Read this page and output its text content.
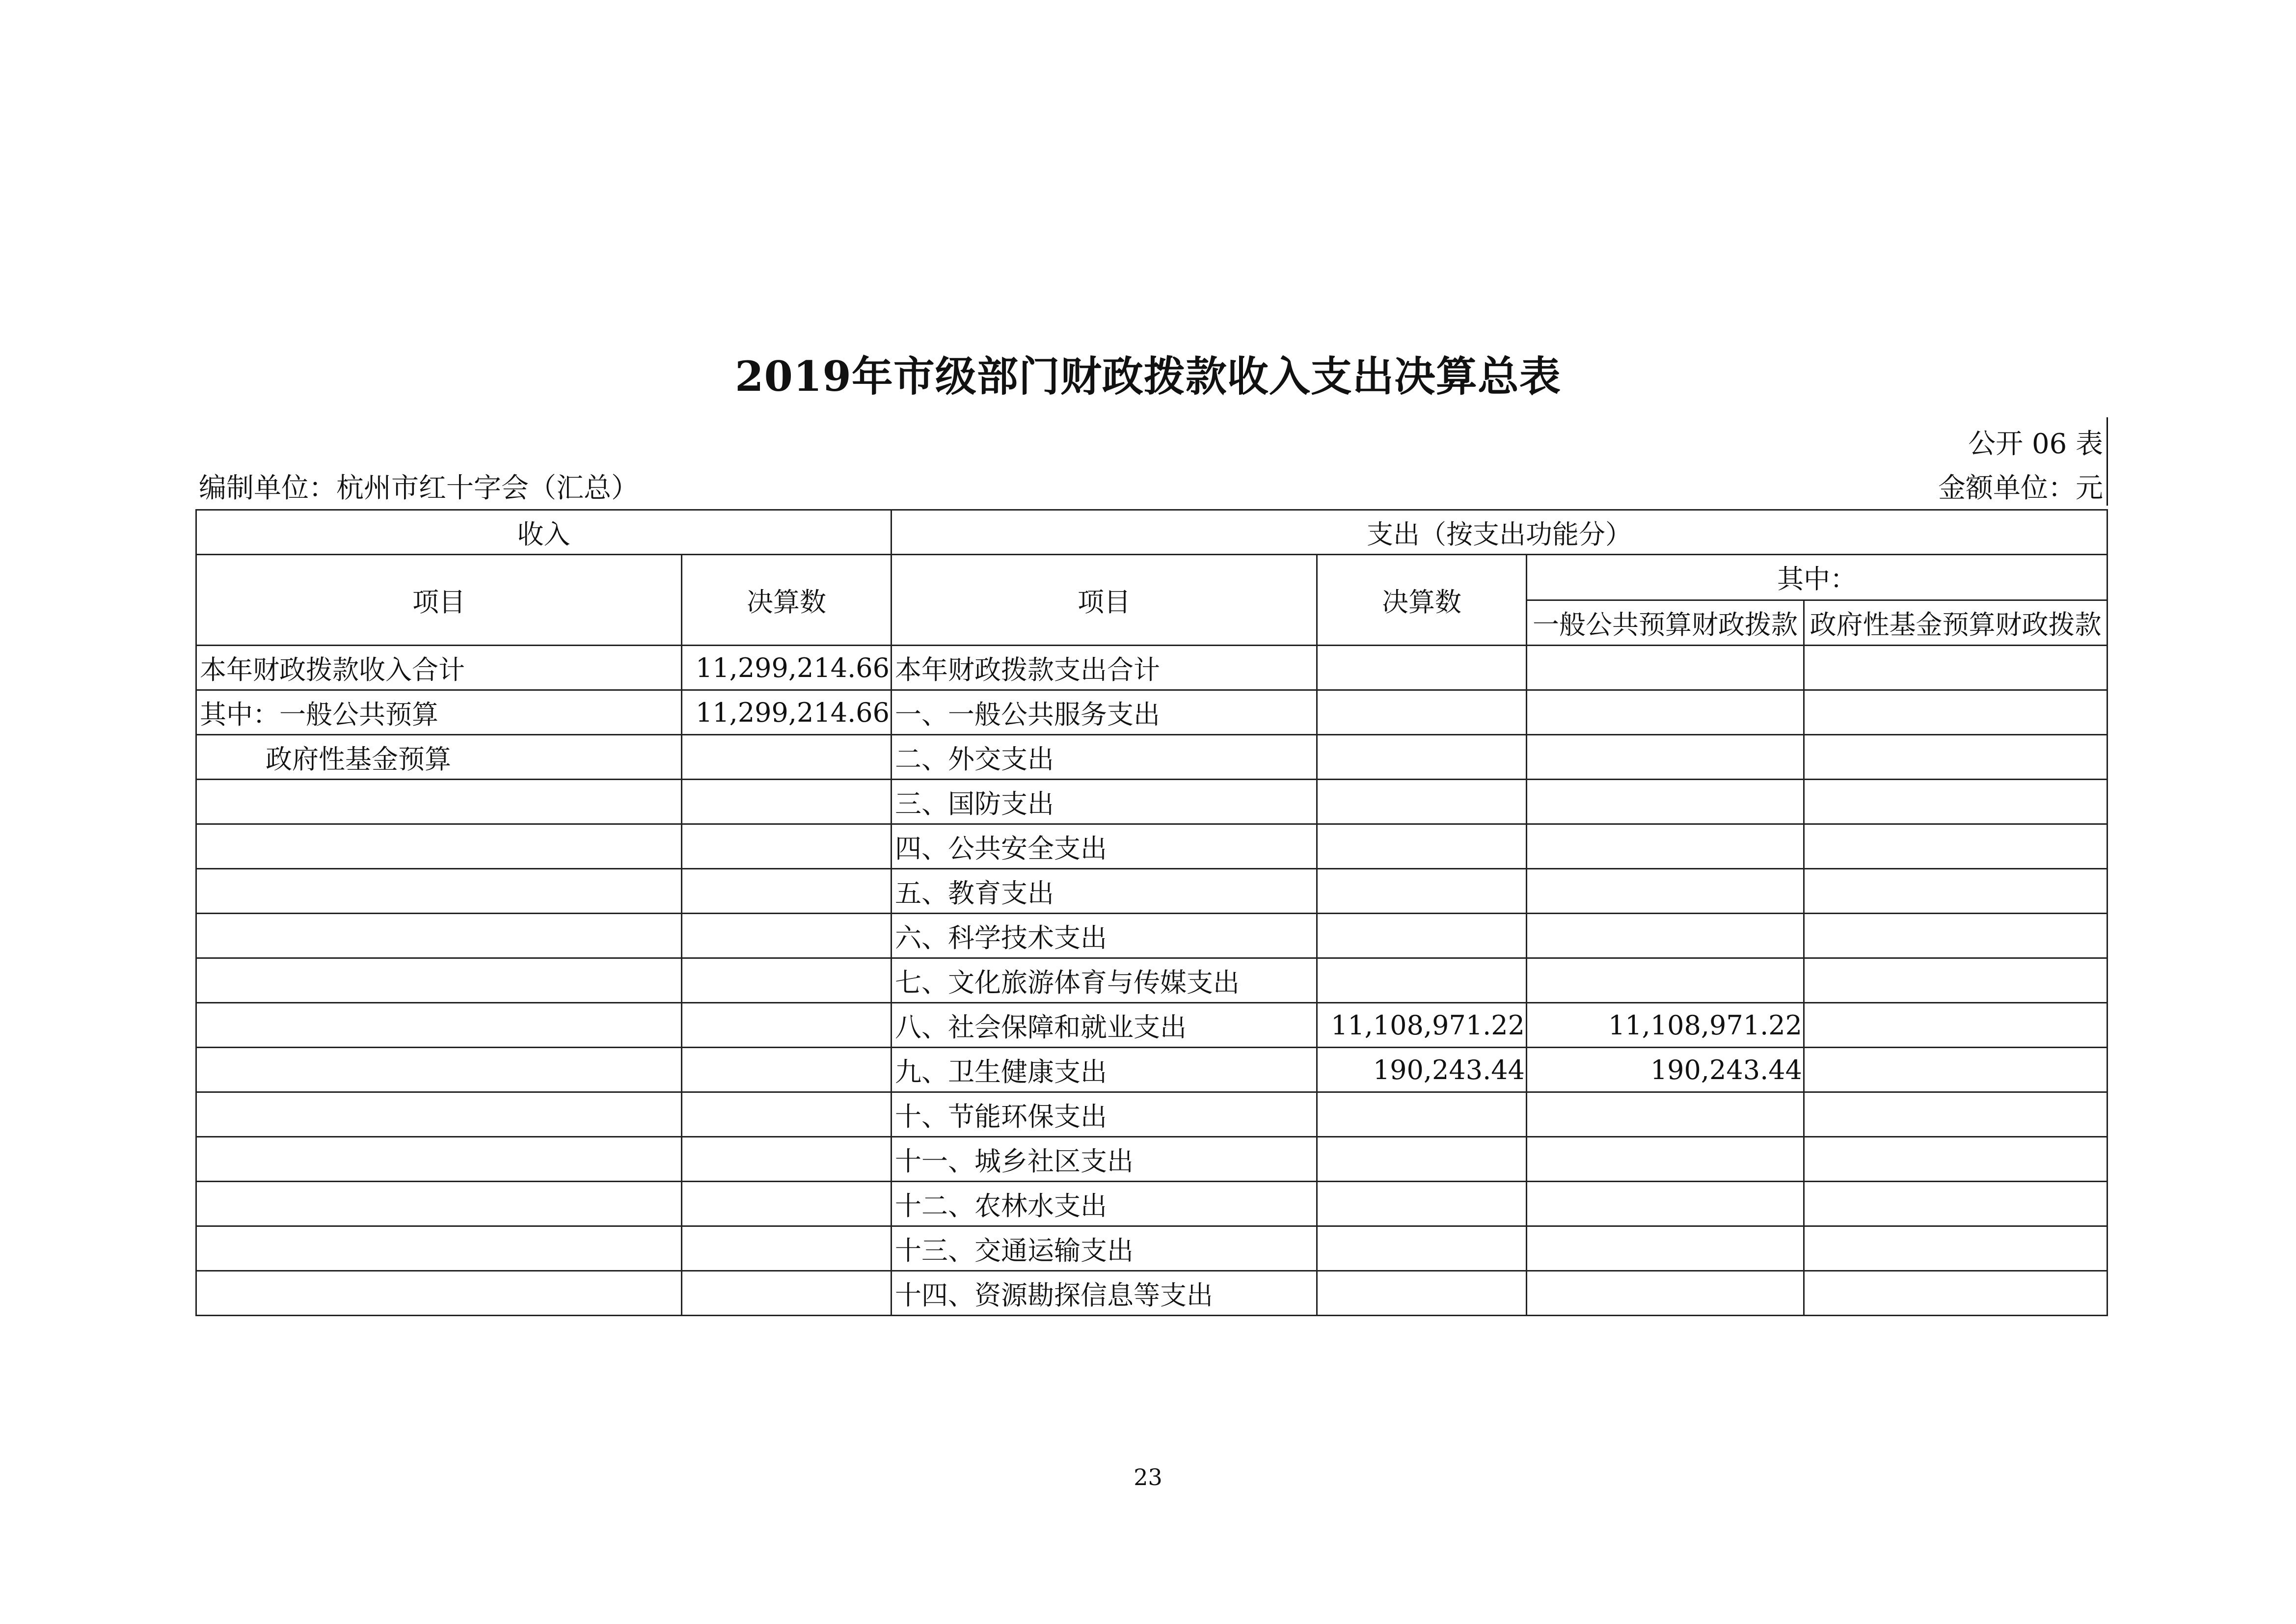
2019年市级部门财政拨款收入支出决算总表
公开 06 表
编制单位：杭州市红十字会（汇总）	金额单位：元
收入		支出（按支出功能分）			
项目	决算数	项目	决算数	其中：	
				一般公共预算财政拨款	政府性基金预算财政拨款
本年财政拨款收入合计	11,299,214.66	本年财政拨款支出合计			
其中：一般公共预算	11,299,214.66	一、一般公共服务支出			
政府性基金预算		二、外交支出			
		三、国防支出			
		四、公共安全支出			
		五、教育支出			
		六、科学技术支出			
		七、文化旅游体育与传媒支出			
		八、社会保障和就业支出	11,108,971.22	11,108,971.22	
		九、卫生健康支出	190,243.44	190,243.44	
		十、节能环保支出			
		十一、城乡社区支出			
		十二、农林水支出			
		十三、交通运输支出			
		十四、资源勘探信息等支出			
23
